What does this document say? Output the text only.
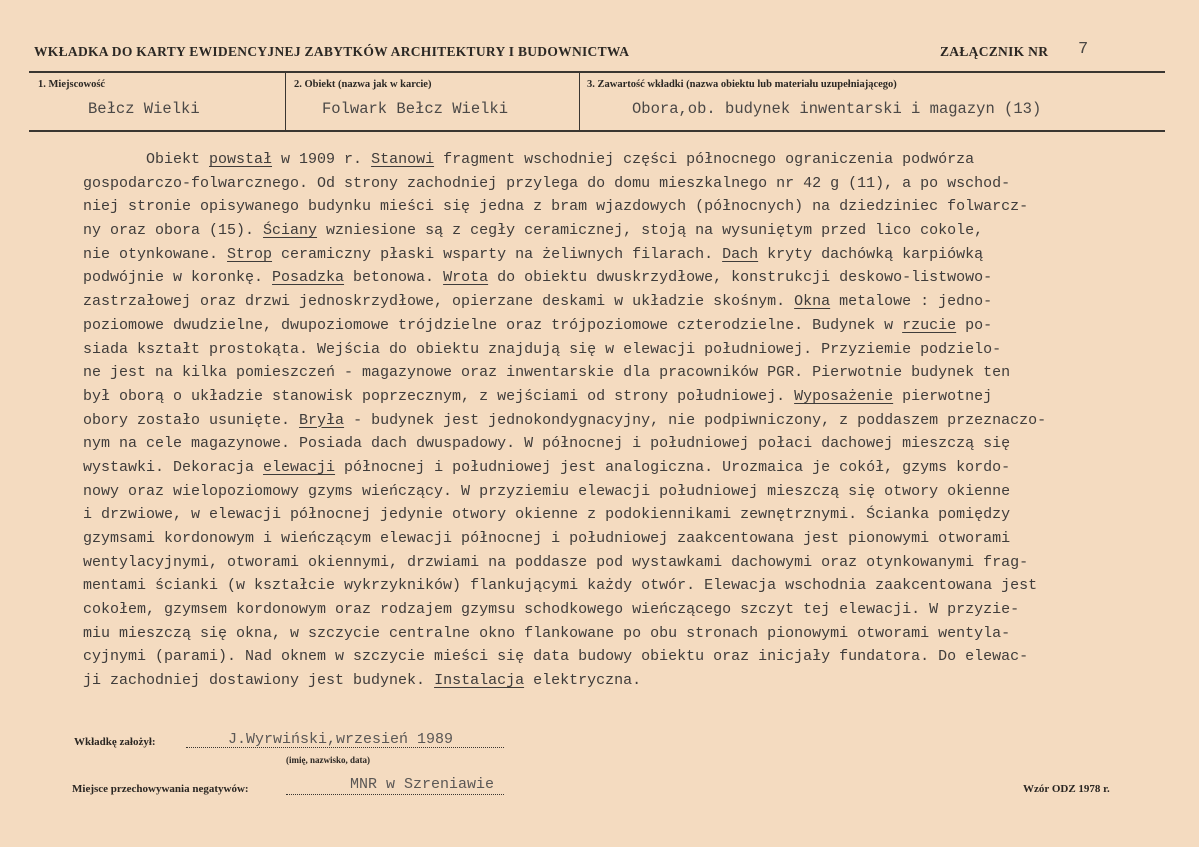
WKŁADKA DO KARTY EWIDENCYJNEJ ZABYTKÓW ARCHITEKTURY I BUDOWNICTWA	ZAŁĄCZNIK NR 7
1. Miejscowość
Bełcz Wielki
2. Obiekt (nazwa jak w karcie)
Folwark Bełcz Wielki
3. Zawartość wkładki (nazwa obiektu lub materiału uzupełniającego)
Obora,ob. budynek inwentarski i magazyn (13)
Obiekt powstał w 1909 r. Stanowi fragment wschodniej części północnego ograniczenia podwórza
gospodarczo-folwarcznego. Od strony zachodniej przylega do domu mieszkalnego nr 42 g (11), a po wschod-
niej stronie opisywanego budynku mieści się jedna z bram wjazdowych (północnych) na dziedziniec folwarcz-
ny oraz obora (15). Ściany wzniesione są z cegły ceramicznej, stoją na wysuniętym przed lico cokole,
nie otynkowane. Strop ceramiczny płaski wsparty na żeliwnych filarach. Dach kryty dachówką karpiówką
podwójnie w koronkę. Posadzka betonowa. Wrota do obiektu dwuskrzydłowe, konstrukcji deskowo-listwowo-
zastrzałowej oraz drzwi jednoskrzydłowe, opierzane deskami w układzie skośnym. Okna metalowe : jedno-
poziomowe dwudzielne, dwupoziomowe trójdzielne oraz trójpoziomowe czterodzielne. Budynek w rzucie po-
siada kształt prostokąta. Wejścia do obiektu znajdują się w elewacji południowej. Przyziemie podzielo-
ne jest na kilka pomieszczeń - magazynowe oraz inwentarskie dla pracowników PGR. Pierwotnie budynek ten
był oborą o układzie stanowisk poprzecznym, z wejściami od strony południowej. Wyposażenie pierwotnej
obory zostało usunięte. Bryła - budynek jest jednokondygnacyjny, nie podpiwniczony, z poddaszem przeznaczo-
nym na cele magazynowe. Posiada dach dwuspadowy. W północnej i południowej połaci dachowej mieszczą się
wystawki. Dekoracja elewacji północnej i południowej jest analogiczna. Urozmaica je cokół, gzyms kordo-
nowy oraz wielopoziomowy gzyms wieńczący. W przyziemiu elewacji południowej mieszczą się otwory okienne
i drzwiowe, w elewacji północnej jedynie otwory okienne z podokiennikami zewnętrznymi. Ścianka pomiędzy
gzymsami kordonowym i wieńczącym elewacji północnej i południowej zaakcentowana jest pionowymi otworami
wentylacyjnymi, otworami okiennymi, drzwiami na poddasze pod wystawkami dachowymi oraz otynkowanymi frag-
mentami ścianki (w kształcie wykrzykników) flankującymi każdy otwór. Elewacja wschodnia zaakcentowana jest
cokołem, gzymsem kordonowym oraz rodzajem gzymsu schodkowego wieńczącego szczyt tej elewacji. W przyzie-
miu mieszczą się okna, w szczycie centralne okno flankowane po obu stronach pionowymi otworami wentyla-
cyjnymi (parami). Nad oknem w szczycie mieści się data budowy obiektu oraz inicjały fundatora. Do elewac-
ji zachodniej dostawiony jest budynek. Instalacja elektryczna.
Wkładkę założył:	J.Wyrwiński,wrzesień 1989
(imię, nazwisko, data)
Miejsce przechowywania negatywów:	MNR w Szreniawie	Wzór ODZ 1978 r.
